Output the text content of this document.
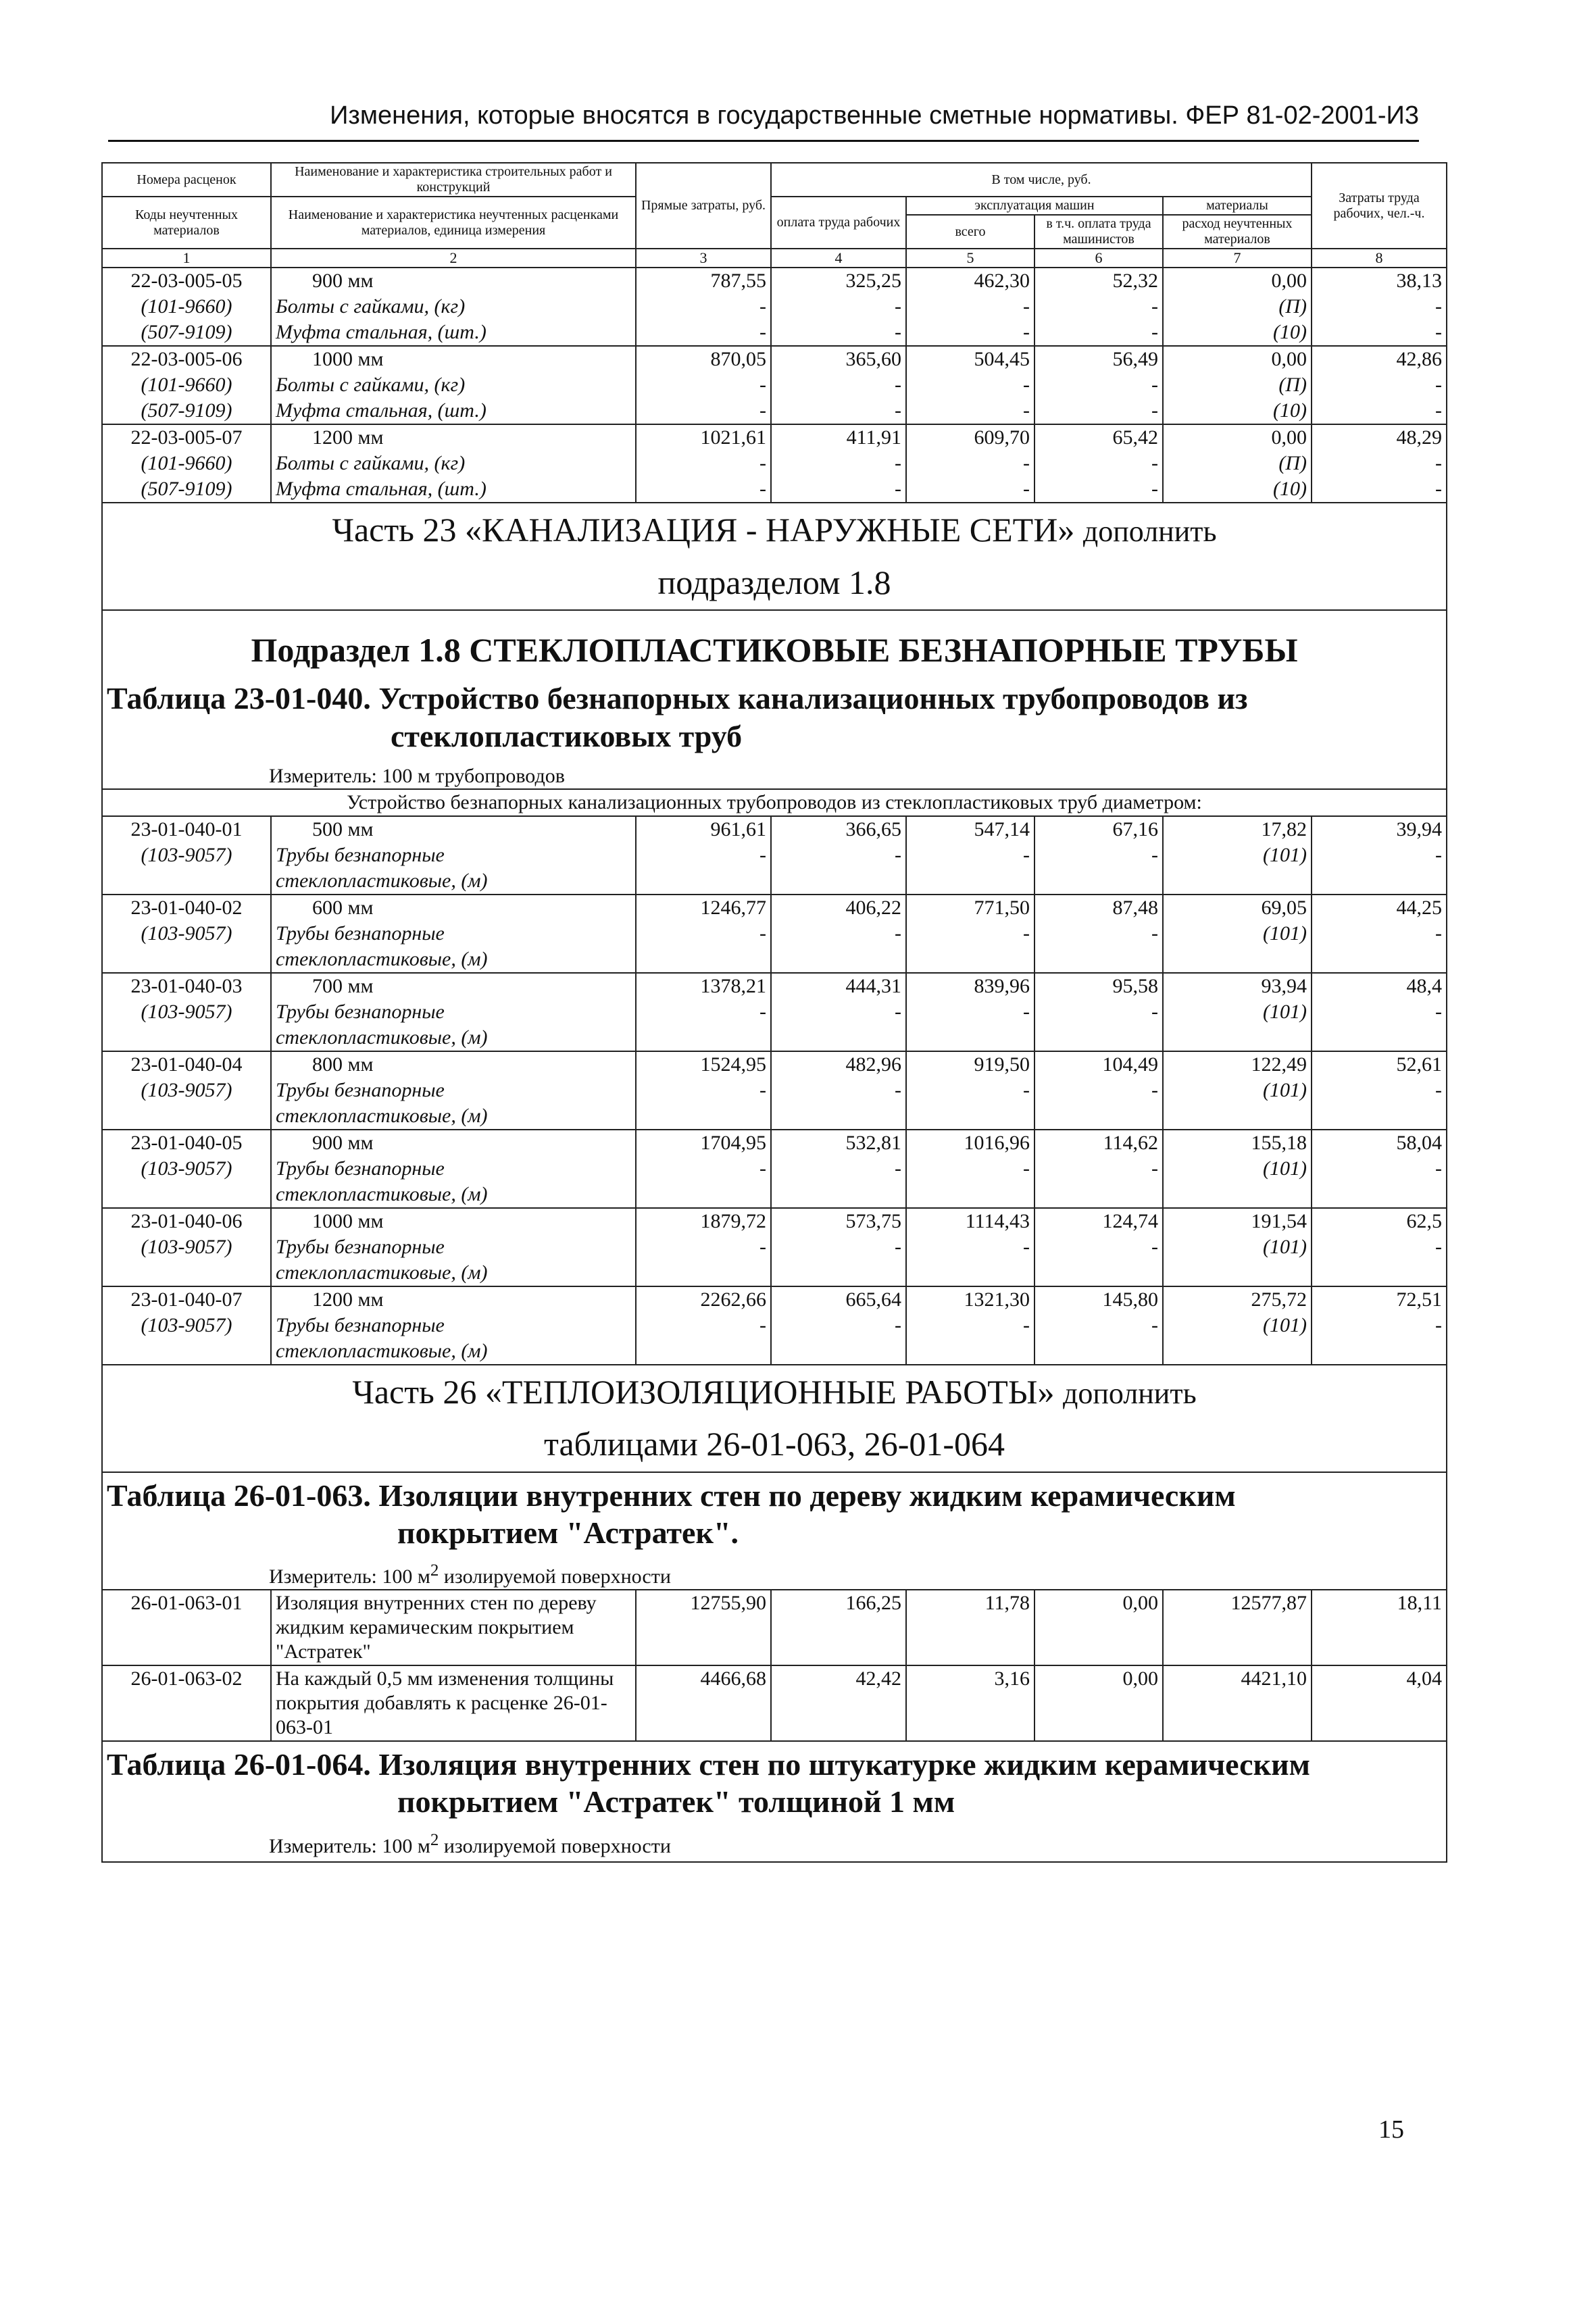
Изменения, которые вносятся в государственные сметные нормативы. ФЕР 81-02-2001-И3
Номера расценок	Наименование и характеристика строительных работ и конструкций	Прямые затраты, руб.	В том числе, руб.				Затраты труда рабочих, чел.-ч.
Коды неучтенных материалов	Наименование и характеристика неучтенных расценками материалов, единица измерения		оплата труда рабочих	эксплуатация машин		материалы	
				всего	в т.ч. оплата труда машинистов	расход неучтенных материалов	

1	2	3	4	5	6	7	8
22-03-005-05	900 мм	787,55	325,25	462,30	52,32	0,00	38,13
(101-9660)	Болты с гайками, (кг)	-	-	-	-	(П)	-
(507-9109)	Муфта стальная, (шт.)	-	-	-	-	(10)	-
22-03-005-06	1000 мм	870,05	365,60	504,45	56,49	0,00	42,86
(101-9660)	Болты с гайками, (кг)	-	-	-	-	(П)	-
(507-9109)	Муфта стальная, (шт.)	-	-	-	-	(10)	-
22-03-005-07	1200 мм	1021,61	411,91	609,70	65,42	0,00	48,29
(101-9660)	Болты с гайками, (кг)	-	-	-	-	(П)	-
(507-9109)	Муфта стальная, (шт.)	-	-	-	-	(10)	-
Часть 23 «КАНАЛИЗАЦИЯ - НАРУЖНЫЕ СЕТИ» дополнить
подразделом 1.8							

Подраздел 1.8 СТЕКЛОПЛАСТИКОВЫЕ БЕЗНАПОРНЫЕ ТРУБЫ
Таблица 23-01-040. Устройство безнапорных канализационных трубопроводов из
стеклопластиковых труб
Измеритель: 100 м трубопроводов							

Устройство безнапорных канализационных трубопроводов из стеклопластиковых труб диаметром:							
23-01-040-01	500 мм	961,61	366,65	547,14	67,16	17,82	39,94
(103-9057)	Трубы безнапорные	-	-	-	-	(101)	-
	стеклопластиковые, (м)						
23-01-040-02	600 мм	1246,77	406,22	771,50	87,48	69,05	44,25
(103-9057)	Трубы безнапорные	-	-	-	-	(101)	-
	стеклопластиковые, (м)						
23-01-040-03	700 мм	1378,21	444,31	839,96	95,58	93,94	48,4
(103-9057)	Трубы безнапорные	-	-	-	-	(101)	-
	стеклопластиковые, (м)						
23-01-040-04	800 мм	1524,95	482,96	919,50	104,49	122,49	52,61
(103-9057)	Трубы безнапорные	-	-	-	-	(101)	-
	стеклопластиковые, (м)						
23-01-040-05	900 мм	1704,95	532,81	1016,96	114,62	155,18	58,04
(103-9057)	Трубы безнапорные	-	-	-	-	(101)	-
	стеклопластиковые, (м)						
23-01-040-06	1000 мм	1879,72	573,75	1114,43	124,74	191,54	62,5
(103-9057)	Трубы безнапорные	-	-	-	-	(101)	-
	стеклопластиковые, (м)						
23-01-040-07	1200 мм	2262,66	665,64	1321,30	145,80	275,72	72,51
(103-9057)	Трубы безнапорные	-	-	-	-	(101)	-
	стеклопластиковые, (м)						
Часть 26 «ТЕПЛОИЗОЛЯЦИОННЫЕ РАБОТЫ» дополнить
таблицами 26-01-063, 26-01-064							

Таблица 26-01-063. Изоляции внутренних стен по дереву жидким керамическим
покрытием "Астратек".
Измеритель: 100 $м^2$ изолируемой поверхности							

26-01-063-01	Изоляция внутренних стен по дереву жидким керамическим покрытием "Астратек"	12755,90	166,25	11,78	0,00	12577,87	18,11
26-01-063-02	На каждый 0,5 мм изменения толщины покрытия добавлять к расценке 26-01-063-01	4466,68	42,42	3,16	0,00	4421,10	4,04

Таблица 26-01-064. Изоляция внутренних стен по штукатурке жидким керамическим
покрытием "Астратек" толщиной 1 мм
Измеритель: 100 $м^2$ изолируемой поверхности							
15
